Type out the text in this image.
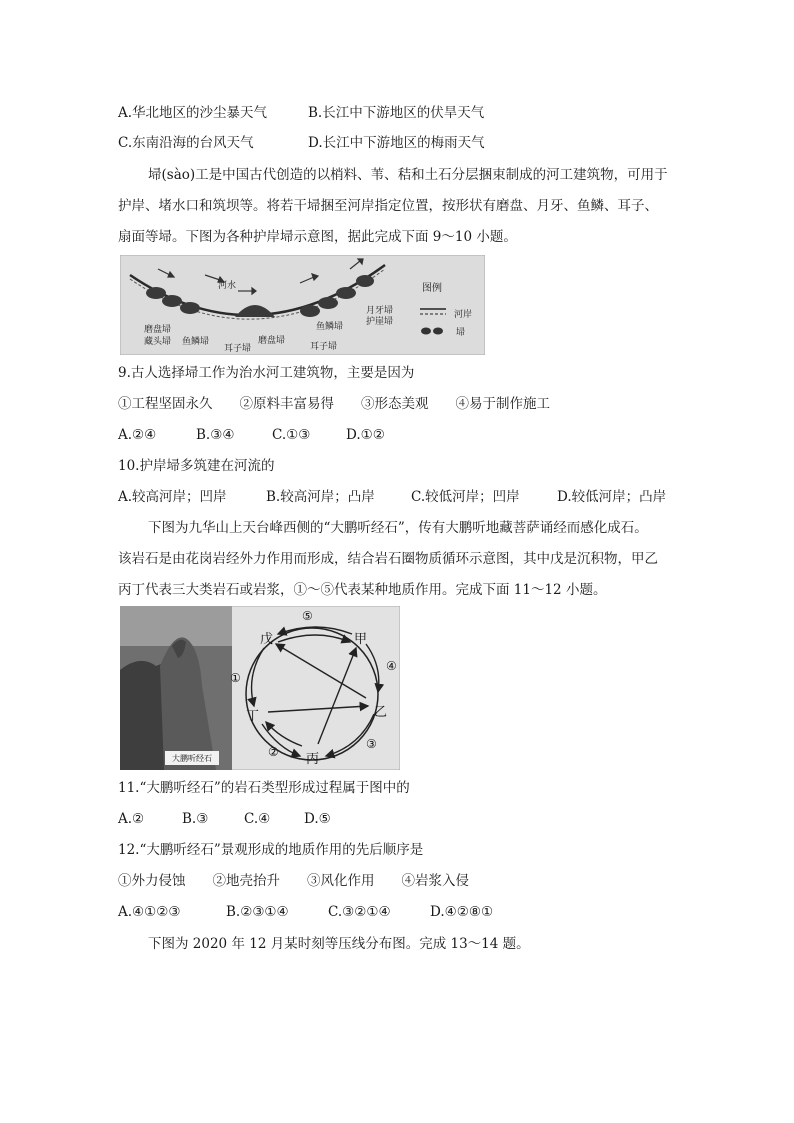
A.华北地区的沙尘暴天气	B.长江中下游地区的伏旱天气
C.东南沿海的台风天气	D.长江中下游地区的梅雨天气
埽(sào)工是中国古代创造的以梢料、苇、秸和土石分层捆束制成的河工建筑物，可用于
护岸、堵水口和筑坝等。将若干埽捆至河岸指定位置，按形状有磨盘、月牙、鱼鳞、耳子、
扇面等埽。下图为各种护岸埽示意图，据此完成下面 9～10 小题。
河水
月牙埽
护崖埽
磨盘埽
藏头埽 鱼鳞埽
耳子埽
磨盘埽
鱼鳞埽
耳子埽
图例
河岸
埽
9.古人选择埽工作为治水河工建筑物，主要是因为
①工程坚固永久　　②原料丰富易得　　③形态美观　　④易于制作施工
A.②④	B.③④	C.①③	D.①②
10.护岸埽多筑建在河流的
A.较高河岸；凹岸	B.较高河岸；凸岸	C.较低河岸；凹岸	D.较低河岸；凸岸
下图为九华山上天台峰西侧的“大鹏听经石”，传有大鹏听地藏菩萨诵经而感化成石。
该岩石是由花岗岩经外力作用而形成，结合岩石圈物质循环示意图，其中戊是沉积物，甲乙
丙丁代表三大类岩石或岩浆，①～⑤代表某种地质作用。完成下面 11～12 小题。
大鹏听经石
戊	甲
乙
丙
丁
①
②
③
④
⑤
11.“大鹏听经石”的岩石类型形成过程属于图中的
A.②	B.③	C.④	D.⑤
12.“大鹏听经石”景观形成的地质作用的先后顺序是
①外力侵蚀　　②地壳抬升　　③风化作用　　④岩浆入侵
A.④①②③	B.②③①④	C.③②①④	D.④②⑧①
下图为 2020 年 12 月某时刻等压线分布图。完成 13～14 题。
